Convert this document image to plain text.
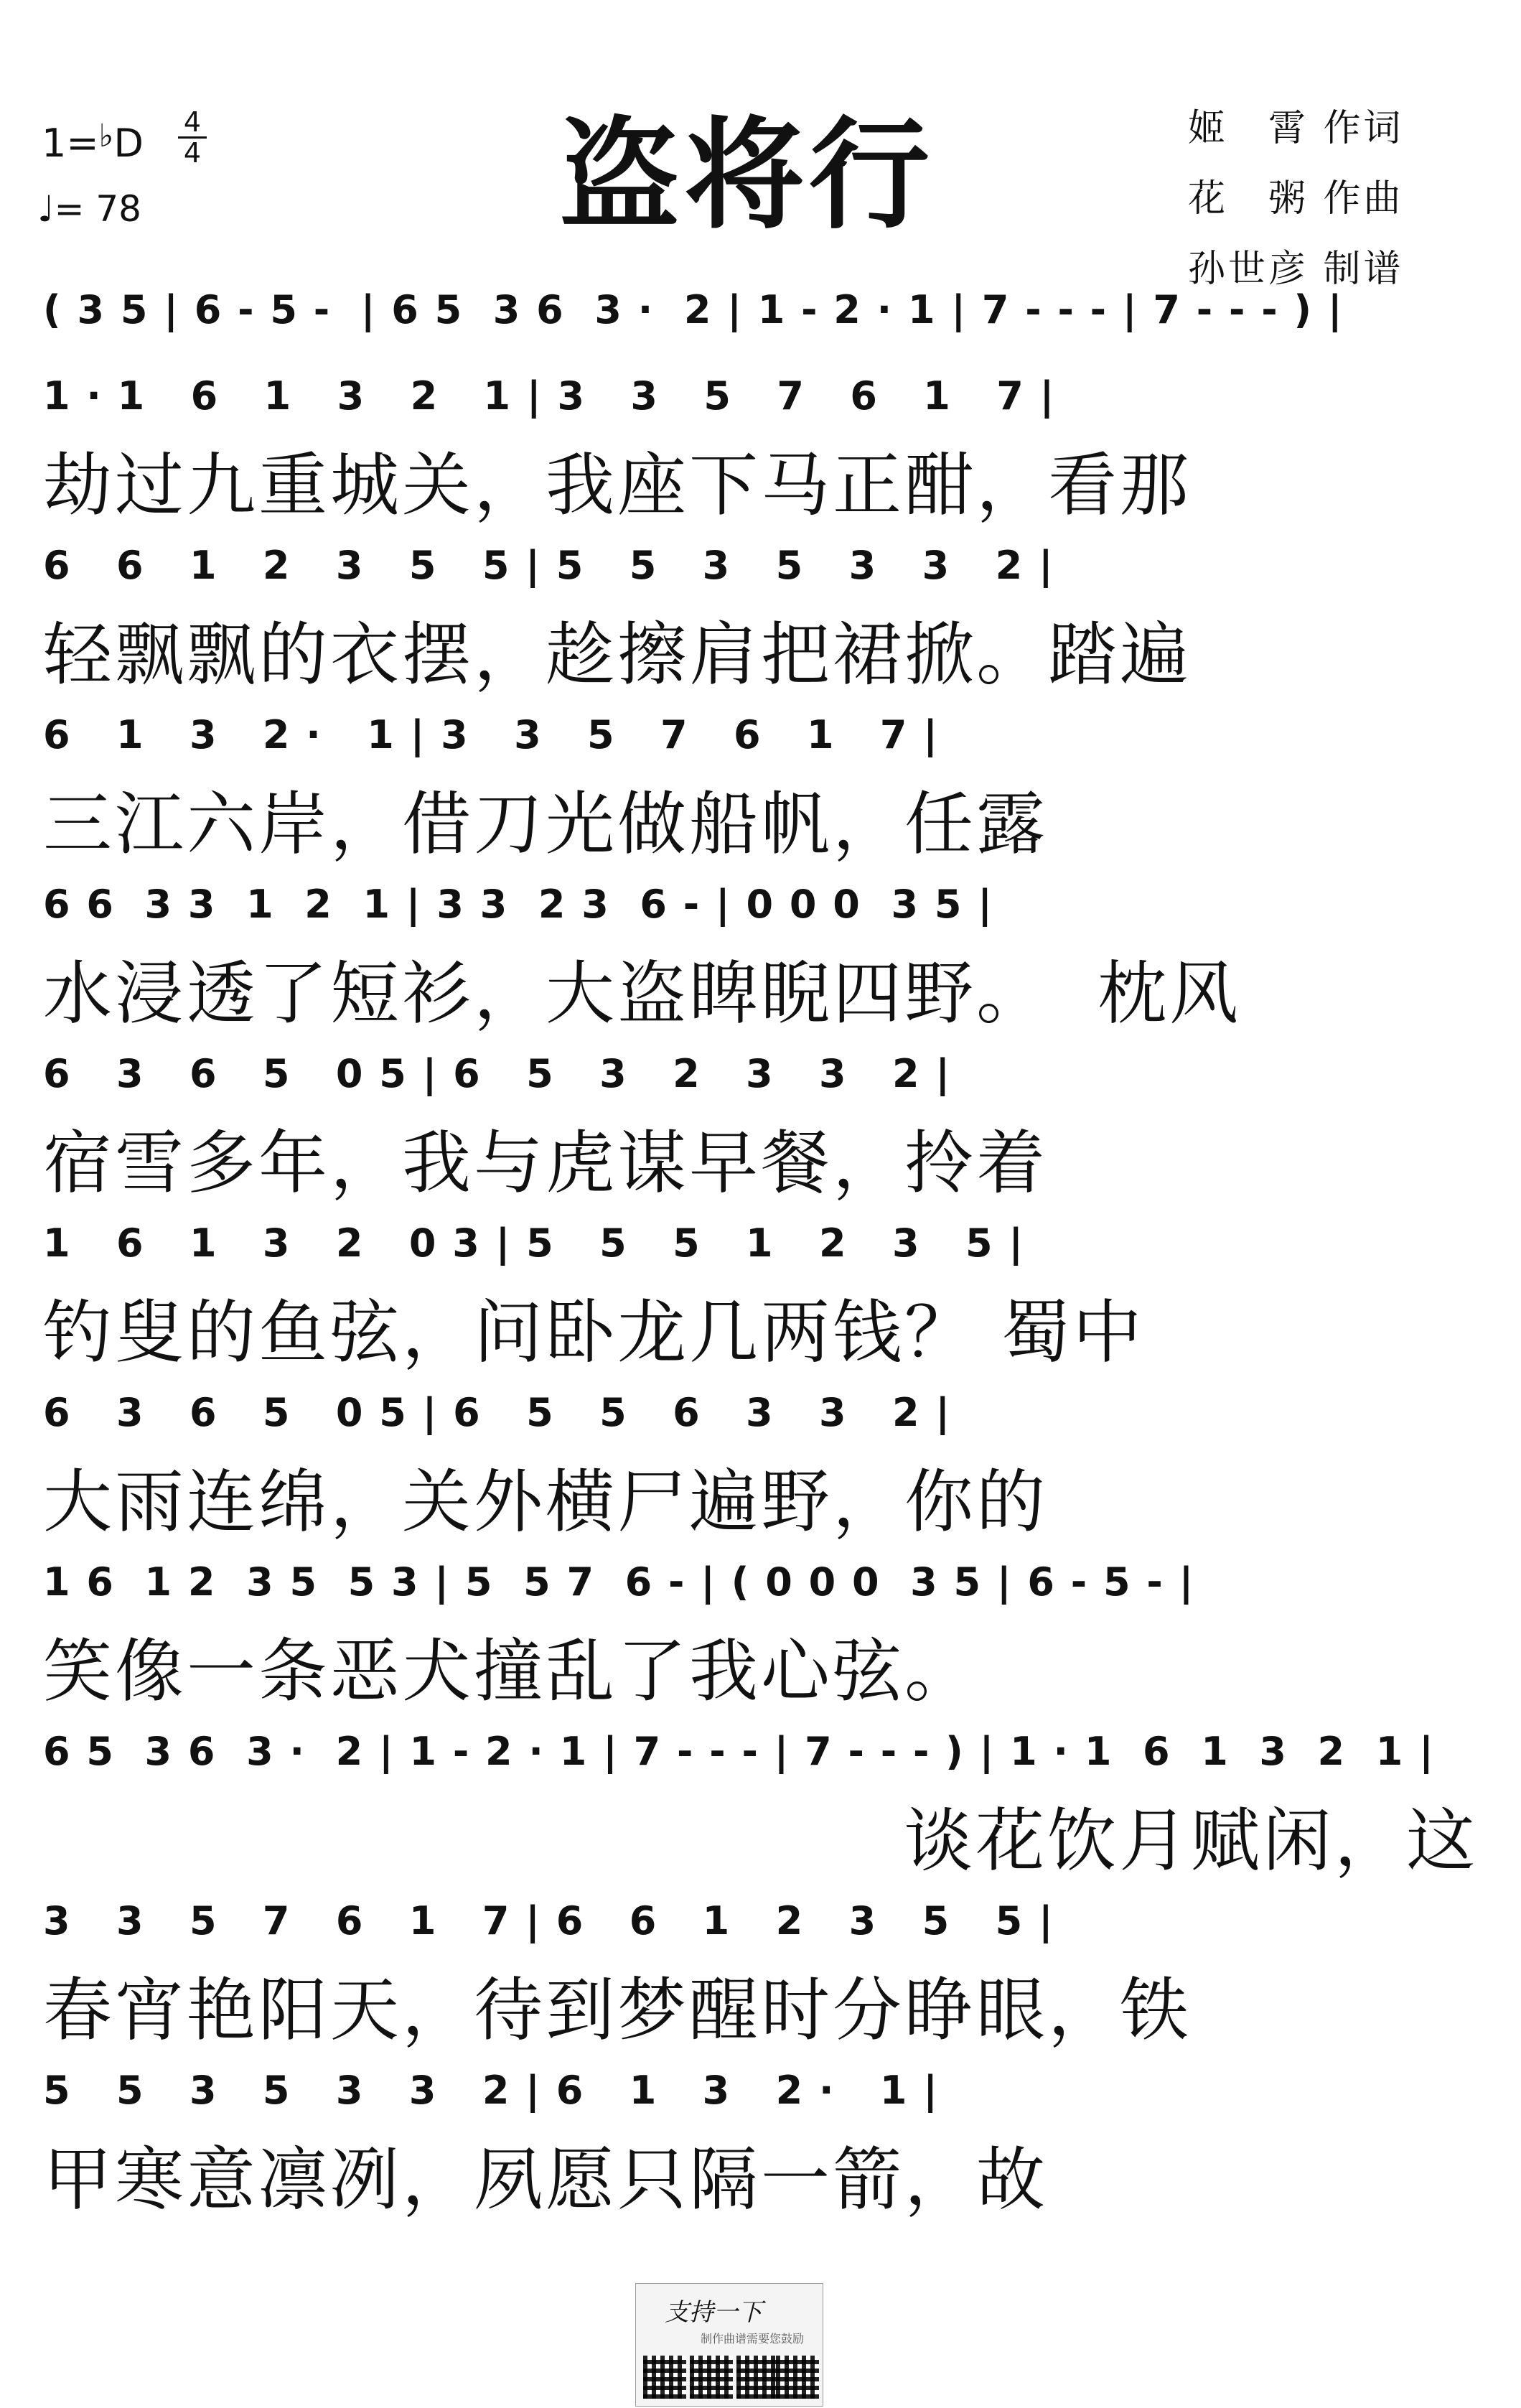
1=♭D 4
4
♩= 78	盗将行	姬　霄 作词
花　粥 作曲
孙世彦 制谱
( 3 5 | 6 - 5 -  | 6 5  3 6  3 ·  2 | 1 - 2 · 1 | 7 - - - | 7 - - - ) |
1 · 1   6   1   3   2   1 | 3   3   5   7   6   1   7 |
劫过九重城关，我座下马正酣，看那
6   6   1   2   3   5   5 | 5   5   3   5   3   3   2 |
轻飘飘的衣摆，趁擦肩把裙掀。踏遍
6   1   3   2 ·   1 | 3   3   5   7   6   1   7 |
三江六岸，借刀光做船帆，任露
6 6  3 3  1  2  1 | 3 3  2 3  6 - | 0 0 0  3 5 |
水浸透了短衫，大盗睥睨四野。  枕风
6   3   6   5   0 5 | 6   5   3   2   3   3   2 |
宿雪多年，我与虎谋早餐，拎着
1   6   1   3   2   0 3 | 5   5   5   1   2   3   5 |
钓叟的鱼弦，问卧龙几两钱？ 蜀中
6   3   6   5   0 5 | 6   5   5   6   3   3   2 |
大雨连绵，关外横尸遍野，你的
1 6  1 2  3 5  5 3 | 5  5 7  6 - | ( 0 0 0  3 5 | 6 - 5 - |
笑像一条恶犬撞乱了我心弦。
6 5  3 6  3 ·  2 | 1 - 2 · 1 | 7 - - - | 7 - - - ) | 1 · 1  6  1  3  2  1 |
谈花饮月赋闲，这
3   3   5   7   6   1   7 | 6   6   1   2   3   5   5 |
春宵艳阳天，待到梦醒时分睁眼，铁
5   5   3   5   3   3   2 | 6   1   3   2 ·   1 |
甲寒意凛冽，夙愿只隔一箭，故
支持一下
制作曲谱需要您鼓励
